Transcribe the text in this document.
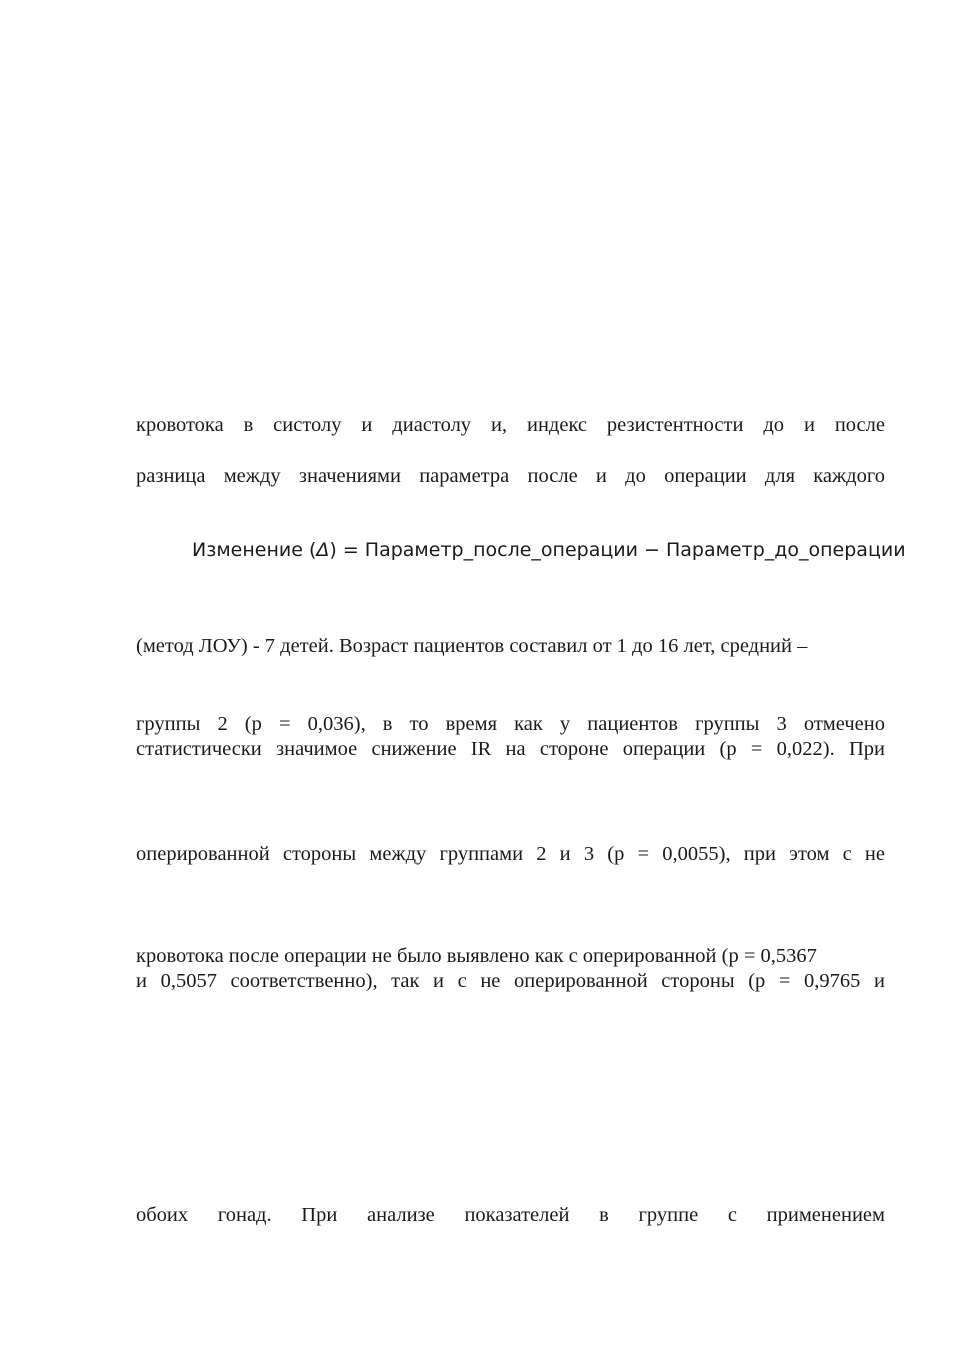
кровотока в систолу и диастолу и, индекс резистентности до и после
разница между значениями параметра после и до операции для каждого
Изменение (Δ) = Параметр_после_операции − Параметр_до_операции
(метод ЛОУ) - 7 детей. Возраст пациентов составил от 1 до 16 лет, средний –
группы 2 (p = 0,036), в то время как у пациентов группы 3 отмечено
статистически значимое снижение IR на стороне операции (p = 0,022). При
оперированной стороны между группами 2 и 3 (p = 0,0055), при этом с не
кровотока после операции не было выявлено как с оперированной (p = 0,5367
и 0,5057 соответственно), так и с не оперированной стороны (p = 0,9765 и
обоих гонад. При анализе показателей в группе с применением
